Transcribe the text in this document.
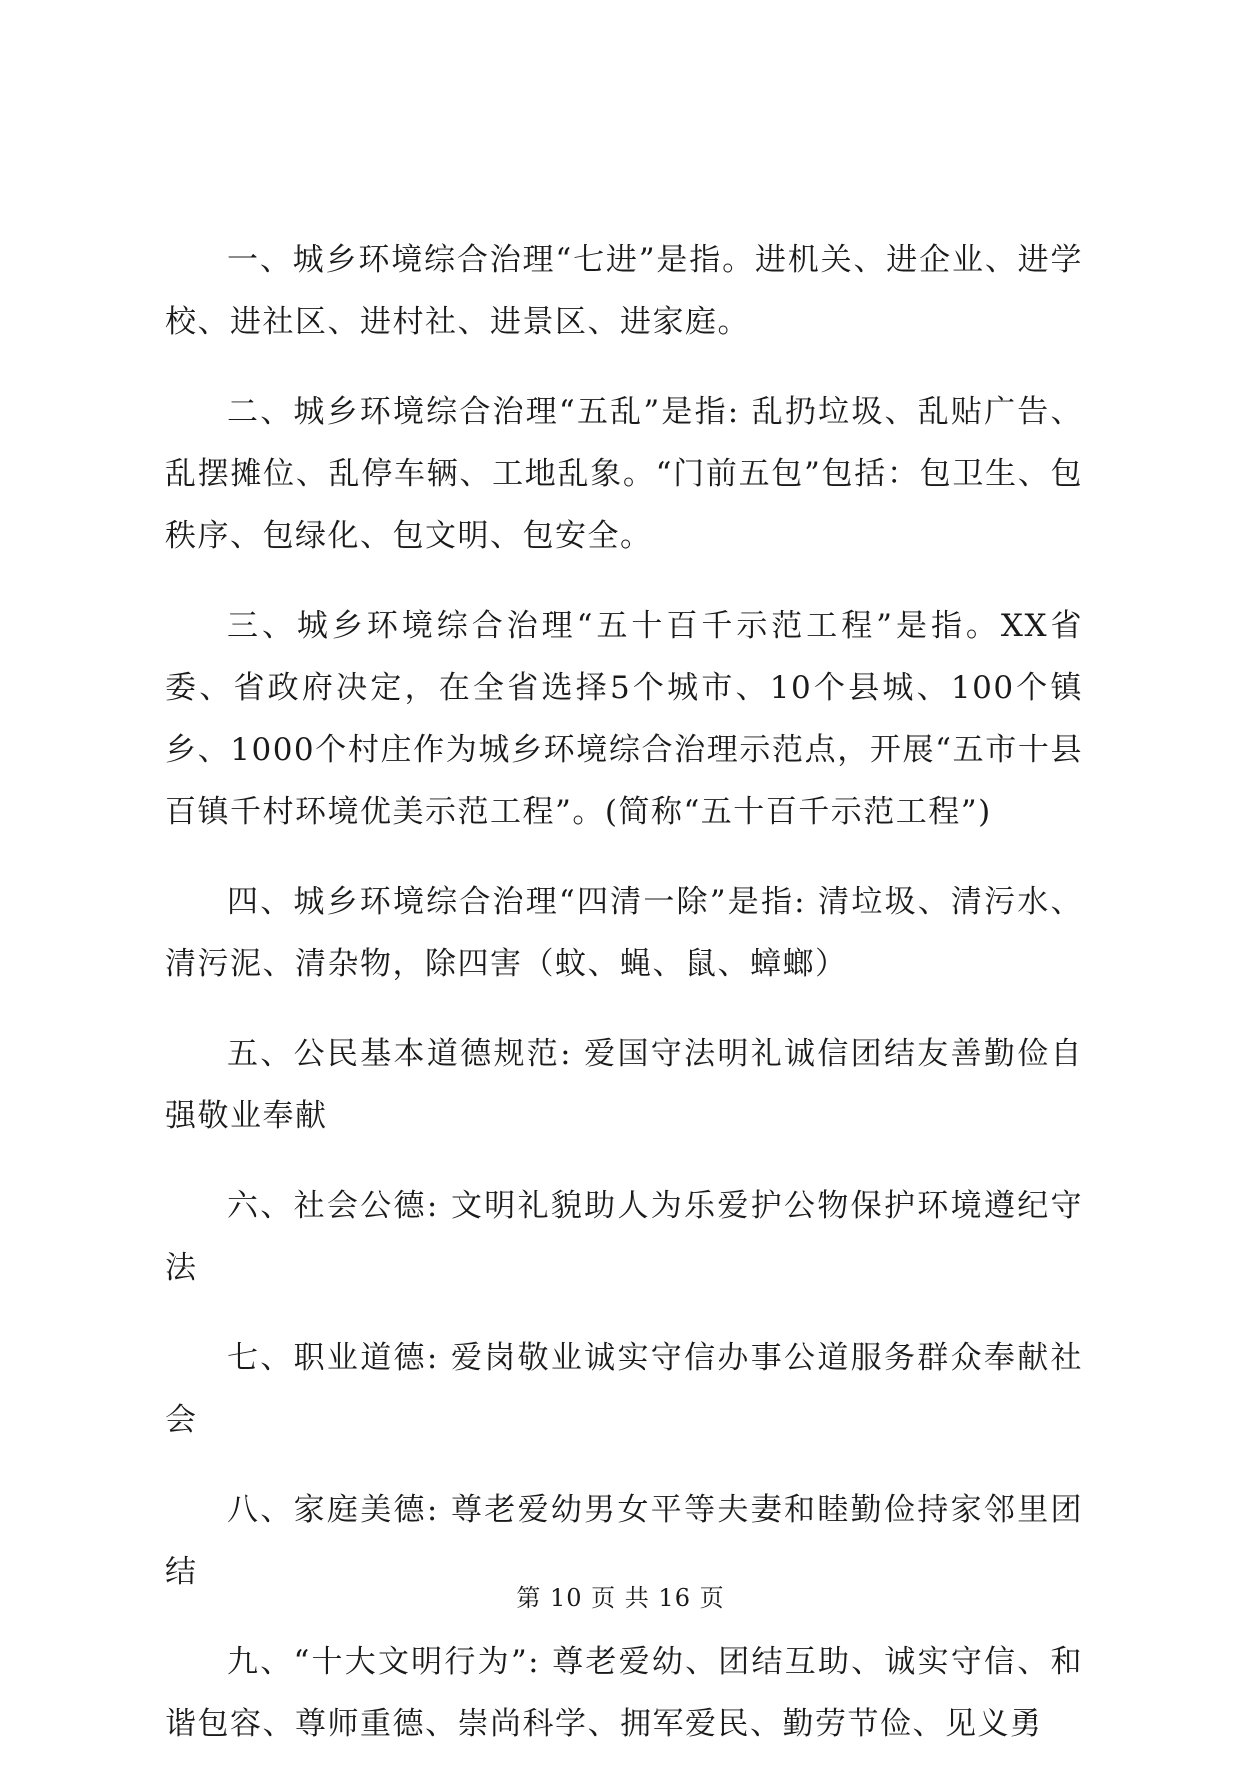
一、城乡环境综合治理“七进”是指。进机关、进企业、进学校、进社区、进村社、进景区、进家庭。

二、城乡环境综合治理“五乱”是指: 乱扔垃圾、乱贴广告、乱摆摊位、乱停车辆、工地乱象。“门前五包”包括：包卫生、包秩序、包绿化、包文明、包安全。

三、城乡环境综合治理“五十百千示范工程”是指。XX省委、省政府决定，在全省选择5个城市、10个县城、100个镇乡、1000个村庄作为城乡环境综合治理示范点，开展“五市十县百镇千村环境优美示范工程”。(简称“五十百千示范工程”)

四、城乡环境综合治理“四清一除”是指: 清垃圾、清污水、清污泥、清杂物，除四害（蚊、蝇、鼠、蟑螂）

五、公民基本道德规范: 爱国守法明礼诚信团结友善勤俭自强敬业奉献

六、社会公德: 文明礼貌助人为乐爱护公物保护环境遵纪守法

七、职业道德: 爱岗敬业诚实守信办事公道服务群众奉献社会

八、家庭美德: 尊老爱幼男女平等夫妻和睦勤俭持家邻里团结

九、“十大文明行为”: 尊老爱幼、团结互助、诚实守信、和谐包容、尊师重德、崇尚科学、拥军爱民、勤劳节俭、见义勇

第 10 页 共 16 页
